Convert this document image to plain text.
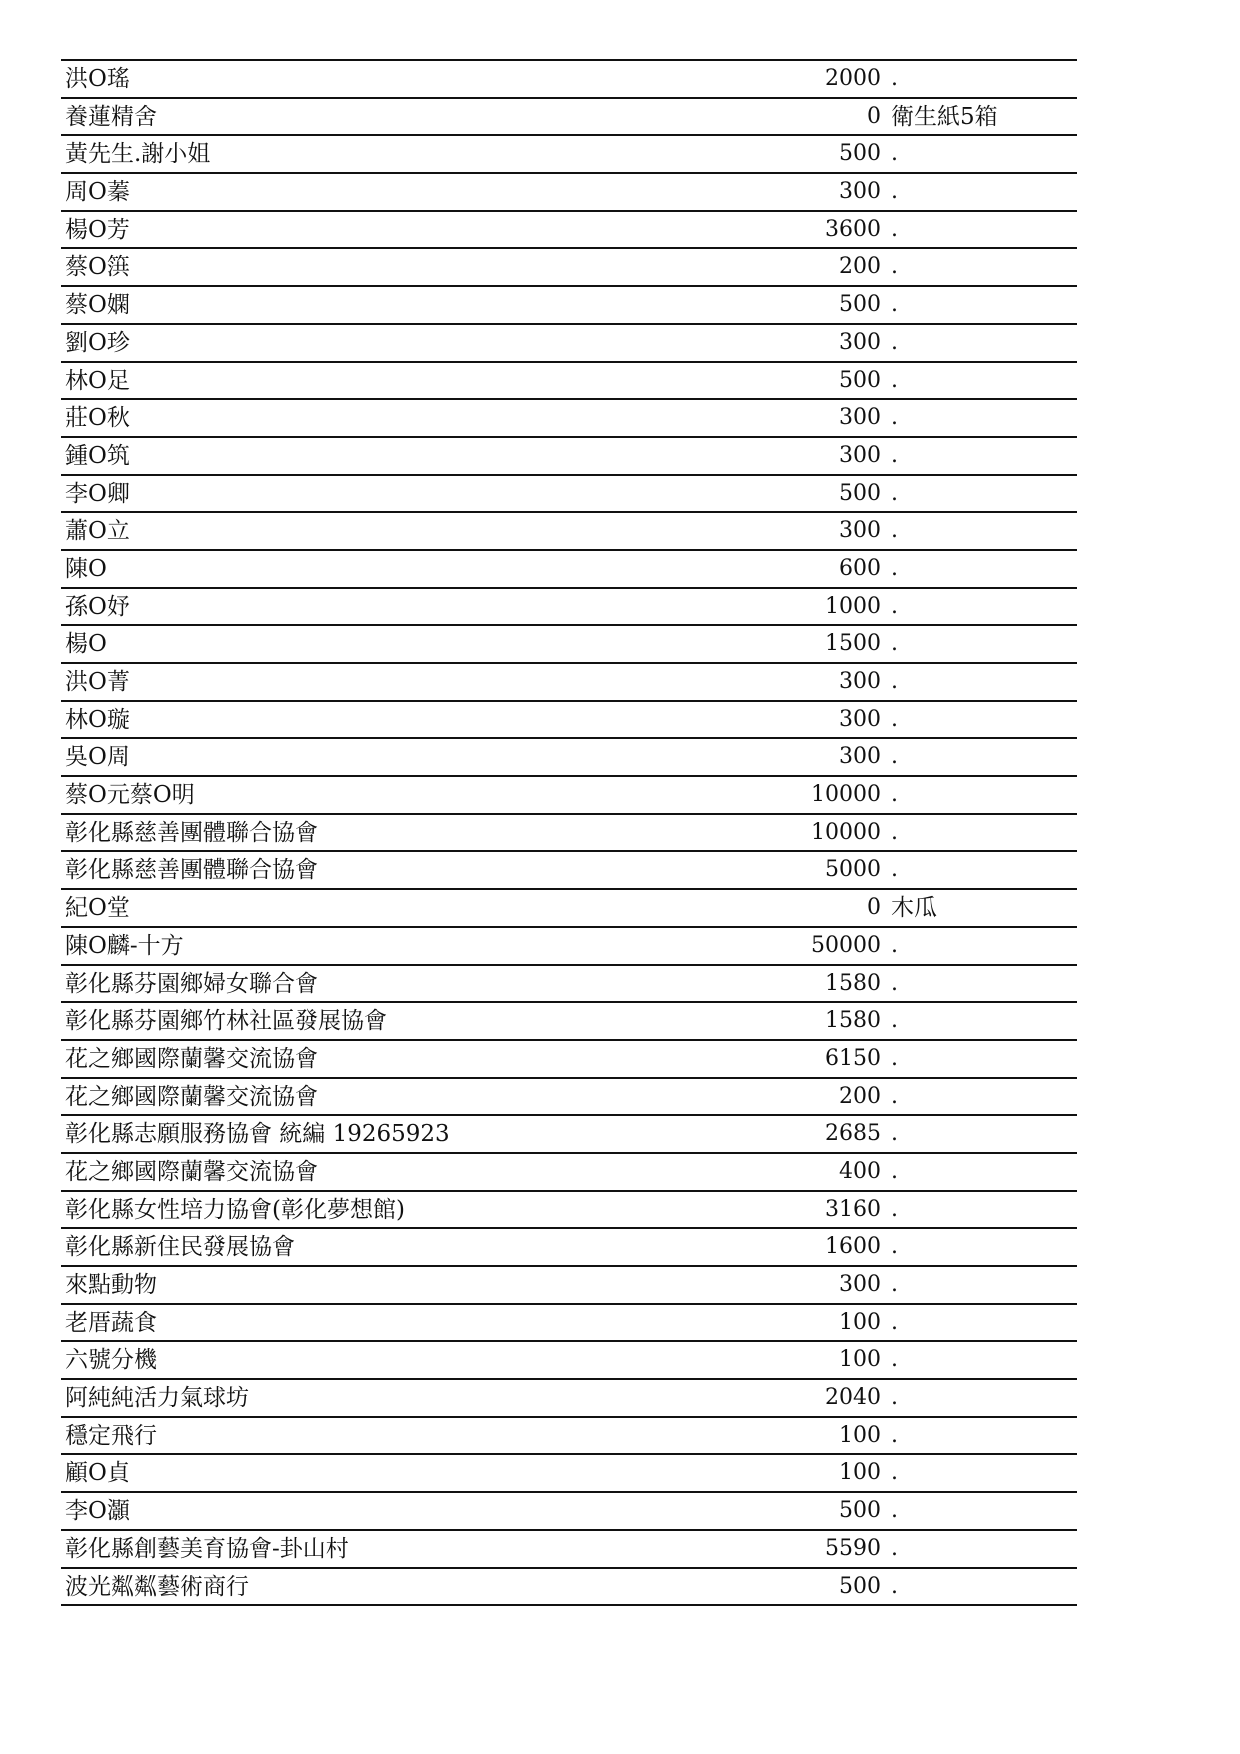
洪O瑤	2000 .
養蓮精舍	0 衛生紙5箱
黃先生.謝小姐	500 .
周O蓁	300 .
楊O芳	3600 .
蔡O篊	200 .
蔡O嫻	500 .
劉O珍	300 .
林O足	500 .
莊O秋	300 .
鍾O筑	300 .
李O卿	500 .
蕭O立	300 .
陳O	600 .
孫O妤	1000 .
楊O	1500 .
洪O菁	300 .
林O璇	300 .
吳O周	300 .
蔡O元蔡O明	10000 .
彰化縣慈善團體聯合協會	10000 .
彰化縣慈善團體聯合協會	5000 .
紀O堂	0 木瓜
陳O麟-十方	50000 .
彰化縣芬園鄉婦女聯合會	1580 .
彰化縣芬園鄉竹林社區發展協會	1580 .
花之鄉國際蘭馨交流協會	6150 .
花之鄉國際蘭馨交流協會	200 .
彰化縣志願服務協會 統編 19265923	2685 .
花之鄉國際蘭馨交流協會	400 .
彰化縣女性培力協會(彰化夢想館)	3160 .
彰化縣新住民發展協會	1600 .
來點動物	300 .
老厝蔬食	100 .
六號分機	100 .
阿純純活力氣球坊	2040 .
穩定飛行	100 .
顧O貞	100 .
李O灝	500 .
彰化縣創藝美育協會-卦山村	5590 .
波光粼粼藝術商行	500 .
